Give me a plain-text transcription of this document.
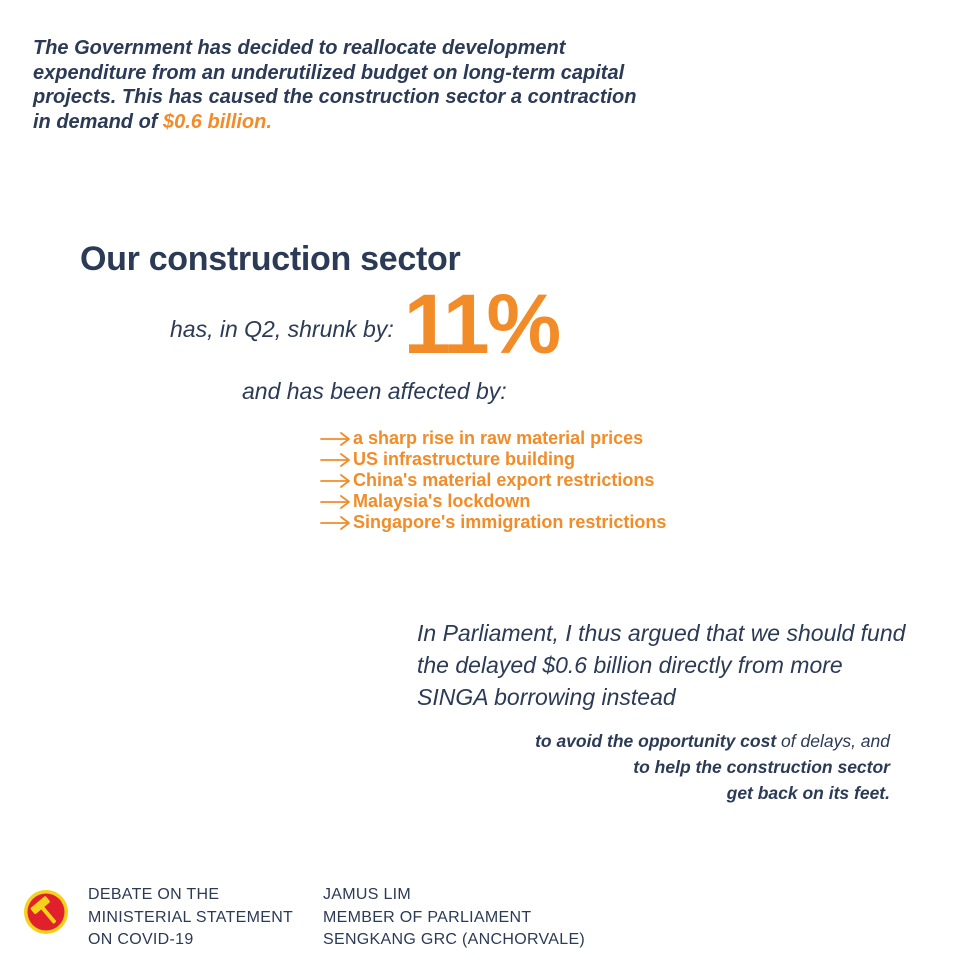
The Government has decided to reallocate development expenditure from an underutilized budget on long-term capital projects. This has caused the construction sector a contraction in demand of $0.6 billion.
Our construction sector
has, in Q2, shrunk by: 11%
and has been affected by:
a sharp rise in raw material prices
US infrastructure building
China's material export restrictions
Malaysia's lockdown
Singapore's immigration restrictions
In Parliament, I thus argued that we should fund the delayed $0.6 billion directly from more SINGA borrowing instead
to avoid the opportunity cost of delays, and
to help the construction sector
get back on its feet.
DEBATE ON THE
MINISTERIAL STATEMENT
ON COVID-19
JAMUS LIM
MEMBER OF PARLIAMENT
SENGKANG GRC (ANCHORVALE)
